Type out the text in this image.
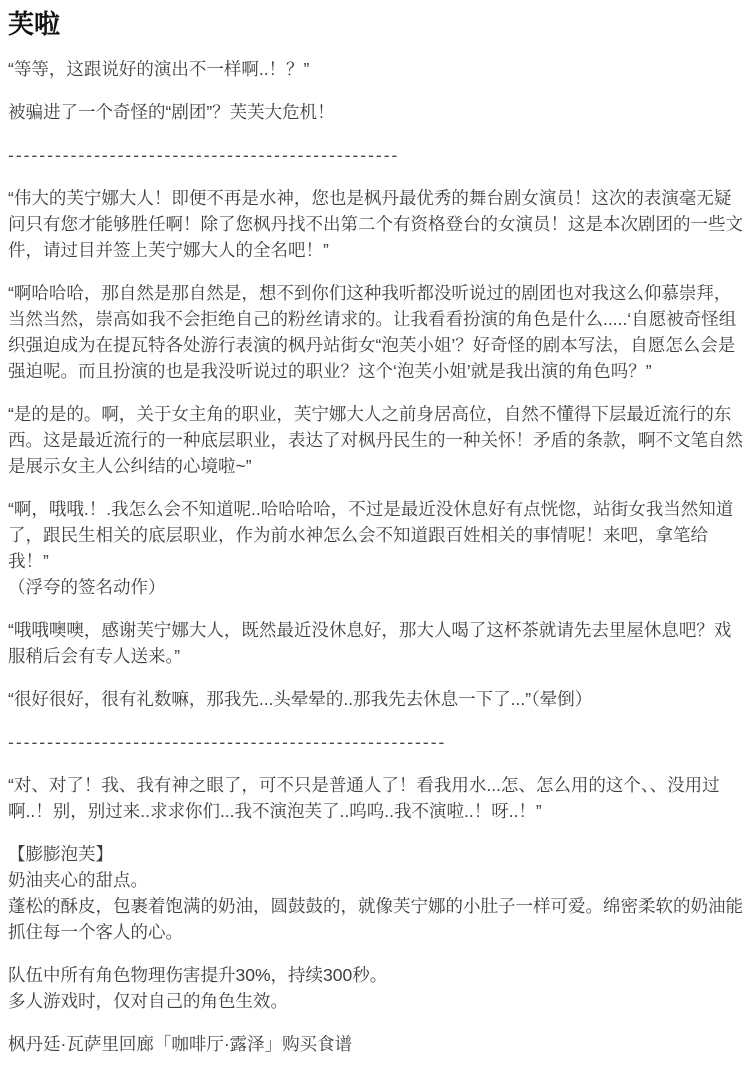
芙啦

“等等，这跟说好的演出不一样啊..！？”

被骗进了一个奇怪的“剧团”？芙芙大危机！

--------------------------------------------------

“伟大的芙宁娜大人！即便不再是水神，您也是枫丹最优秀的舞台剧女演员！这次的表演毫无疑问只有您才能够胜任啊！除了您枫丹找不出第二个有资格登台的女演员！这是本次剧团的一些文件，请过目并签上芙宁娜大人的全名吧！”

“啊哈哈哈，那自然是那自然是，想不到你们这种我听都没听说过的剧团也对我这么仰慕崇拜，当然当然，崇高如我不会拒绝自己的粉丝请求的。让我看看扮演的角色是什么.....‘自愿被奇怪组织强迫成为在提瓦特各处游行表演的枫丹站街女“泡芙小姐’？好奇怪的剧本写法，自愿怎么会是强迫呢。而且扮演的也是我没听说过的职业？这个‘泡芙小姐’就是我出演的角色吗？”

“是的是的。啊，关于女主角的职业，芙宁娜大人之前身居高位，自然不懂得下层最近流行的东西。这是最近流行的一种底层职业，表达了对枫丹民生的一种关怀！矛盾的条款，啊不文笔自然是展示女主人公纠结的心境啦~”

“啊，哦哦.！.我怎么会不知道呢..哈哈哈哈，不过是最近没休息好有点恍惚，站街女我当然知道了，跟民生相关的底层职业，作为前水神怎么会不知道跟百姓相关的事情呢！来吧，拿笔给我！”
（浮夸的签名动作）

“哦哦噢噢，感谢芙宁娜大人，既然最近没休息好，那大人喝了这杯茶就请先去里屋休息吧？戏服稍后会有专人送来。”

“很好很好，很有礼数嘛，那我先...头晕晕的..那我先去休息一下了...”（晕倒）

--------------------------------------------------------

“对、对了！我、我有神之眼了，可不只是普通人了！看我用水...怎、怎么用的这个、、没用过啊..！别，别过来..求求你们...我不演泡芙了..呜呜..我不演啦..！呀..！”

【膨膨泡芙】
奶油夹心的甜点。
蓬松的酥皮，包裹着饱满的奶油，圆鼓鼓的，就像芙宁娜的小肚子一样可爱。绵密柔软的奶油能抓住每一个客人的心。

队伍中所有角色物理伤害提升30%，持续300秒。
多人游戏时，仅对自己的角色生效。

枫丹廷·瓦萨里回廊「咖啡厅·露泽」购买食谱
